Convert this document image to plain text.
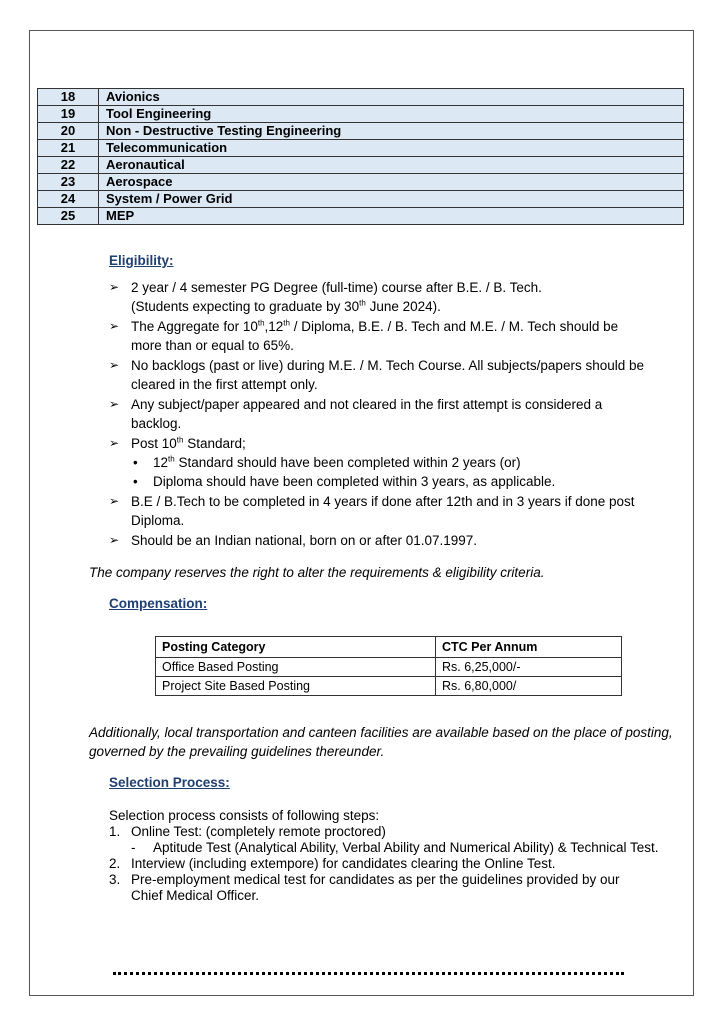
18	Avionics
19	Tool Engineering
20	Non - Destructive Testing Engineering
21	Telecommunication
22	Aeronautical
23	Aerospace
24	System / Power Grid
25	MEP
Eligibility:
➢ 2 year / 4 semester PG Degree (full-time) course after B.E. / B. Tech.
(Students expecting to graduate by 30th June 2024).
➢ The Aggregate for 10th,12th / Diploma, B.E. / B. Tech and M.E. / M. Tech should be more than or equal to 65%.
➢ No backlogs (past or live) during M.E. / M. Tech Course. All subjects/papers should be cleared in the first attempt only.
➢ Any subject/paper appeared and not cleared in the first attempt is considered a backlog.
➢ Post 10th Standard;
• 12th Standard should have been completed within 2 years (or)
• Diploma should have been completed within 3 years, as applicable.
➢ B.E / B.Tech to be completed in 4 years if done after 12th and in 3 years if done post Diploma.
➢ Should be an Indian national, born on or after 01.07.1997.
The company reserves the right to alter the requirements & eligibility criteria.
Compensation:
Posting Category	CTC Per Annum
Office Based Posting	Rs. 6,25,000/-
Project Site Based Posting	Rs. 6,80,000/
Additionally, local transportation and canteen facilities are available based on the place of posting, governed by the prevailing guidelines thereunder.
Selection Process:
Selection process consists of following steps:
1. Online Test: (completely remote proctored)
- Aptitude Test (Analytical Ability, Verbal Ability and Numerical Ability) & Technical Test.
2. Interview (including extempore) for candidates clearing the Online Test.
3. Pre-employment medical test for candidates as per the guidelines provided by our Chief Medical Officer.
